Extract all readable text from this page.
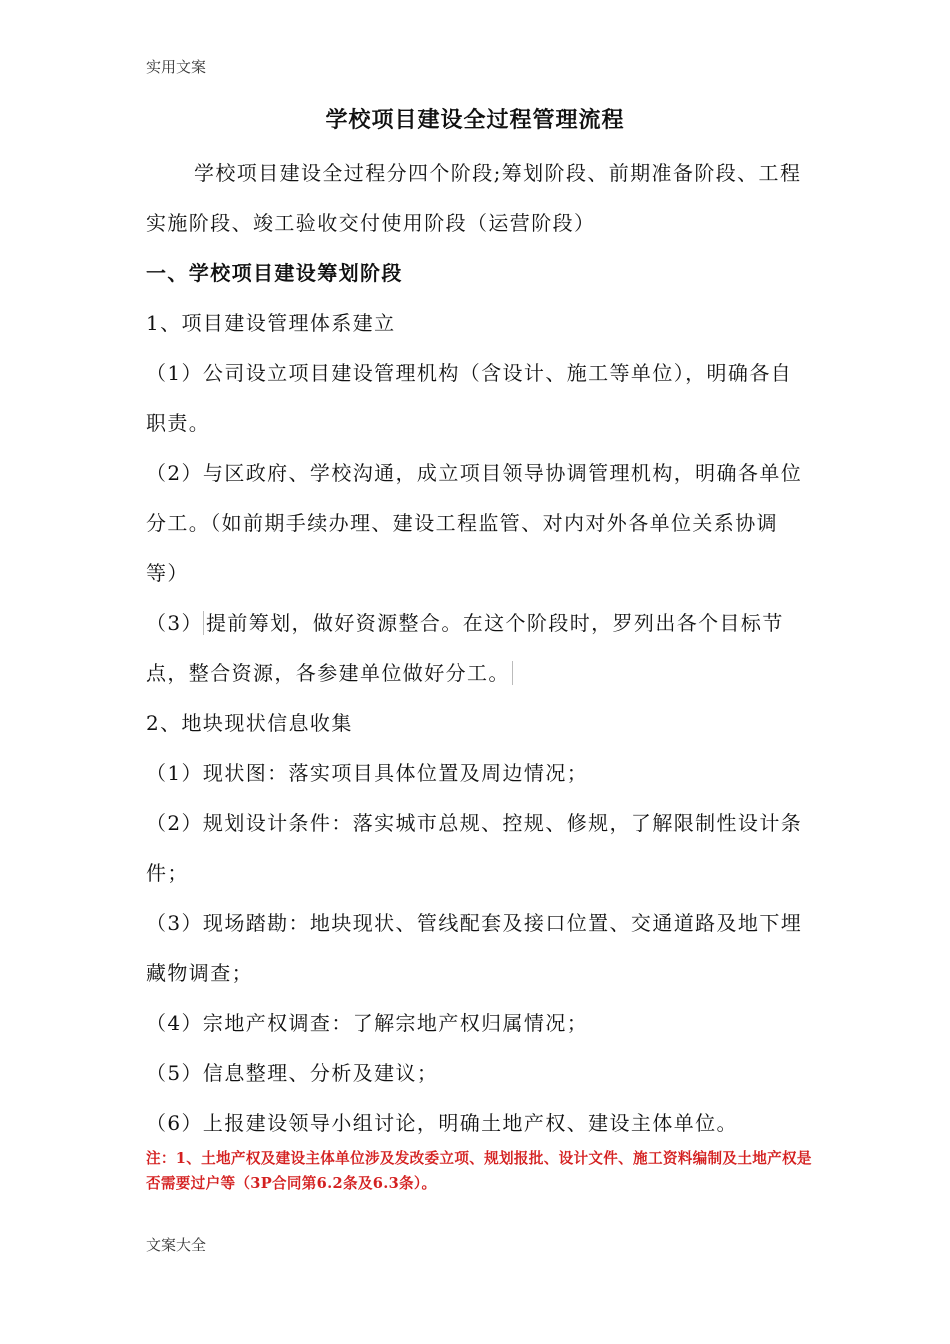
实用文案
学校项目建设全过程管理流程

学校项目建设全过程分四个阶段;筹划阶段、前期准备阶段、工程实施阶段、竣工验收交付使用阶段（运营阶段）

一、学校项目建设筹划阶段

1、项目建设管理体系建立

（1）公司设立项目建设管理机构（含设计、施工等单位），明确各自职责。

（2）与区政府、学校沟通，成立项目领导协调管理机构，明确各单位分工。（如前期手续办理、建设工程监管、对内对外各单位关系协调等）

（3） 提前筹划，做好资源整合。在这个阶段时，罗列出各个目标节点，整合资源，各参建单位做好分工。

2、地块现状信息收集

（1）现状图：落实项目具体位置及周边情况；

（2）规划设计条件：落实城市总规、控规、修规，了解限制性设计条件；

（3）现场踏勘：地块现状、管线配套及接口位置、交通道路及地下埋藏物调查；

（4）宗地产权调查：了解宗地产权归属情况；

（5）信息整理、分析及建议；

（6）上报建设领导小组讨论，明确土地产权、建设主体单位。

注：1、土地产权及建设主体单位涉及发改委立项、规划报批、设计文件、施工资料编制及土地产权是否需要过户等（3P合同第6.2条及6.3条）。
文案大全
